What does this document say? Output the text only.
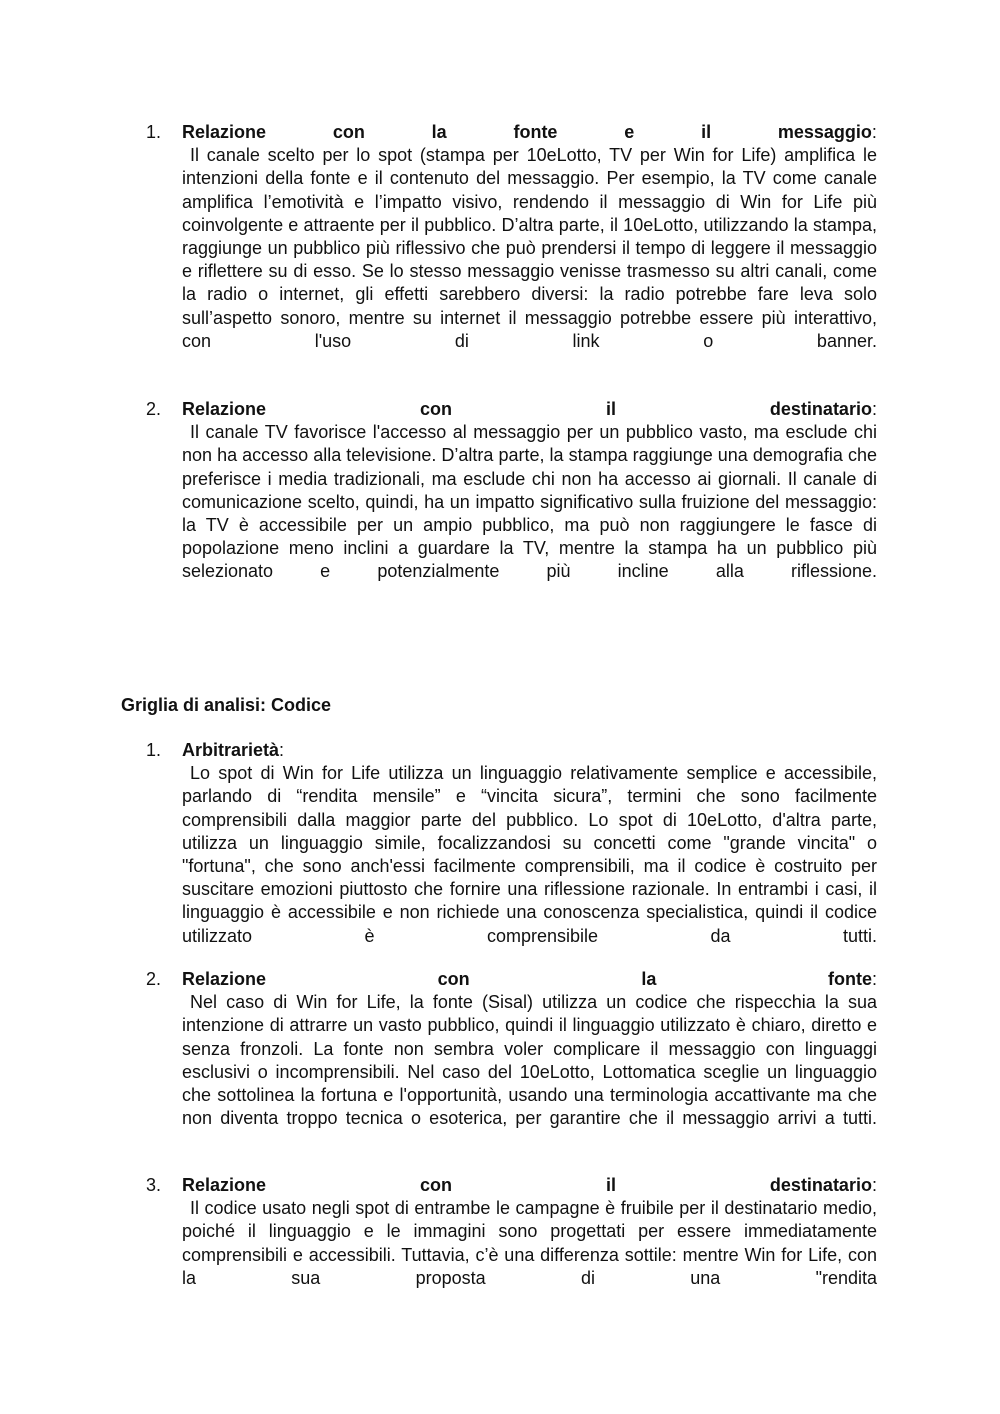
1.	Relazione	con	la	fonte	e	il	messaggio:
Il canale scelto per lo spot (stampa per 10eLotto, TV per Win for Life) amplifica le intenzioni della fonte e il contenuto del messaggio. Per esempio, la TV come canale amplifica l’emotività e l’impatto visivo, rendendo il messaggio di Win for Life più coinvolgente e attraente per il pubblico. D’altra parte, il 10eLotto, utilizzando la stampa, raggiunge un pubblico più riflessivo che può prendersi il tempo di leggere il messaggio e riflettere su di esso. Se lo stesso messaggio venisse trasmesso su altri canali, come la radio o internet, gli effetti sarebbero diversi: la radio potrebbe fare leva solo sull’aspetto sonoro, mentre su internet il messaggio potrebbe essere più interattivo, con l'uso di link o banner.

2.	Relazione	con	il	destinatario:
Il canale TV favorisce l'accesso al messaggio per un pubblico vasto, ma esclude chi non ha accesso alla televisione. D’altra parte, la stampa raggiunge una demografia che preferisce i media tradizionali, ma esclude chi non ha accesso ai giornali. Il canale di comunicazione scelto, quindi, ha un impatto significativo sulla fruizione del messaggio: la TV è accessibile per un ampio pubblico, ma può non raggiungere le fasce di popolazione meno inclini a guardare la TV, mentre la stampa ha un pubblico più selezionato e potenzialmente più incline alla riflessione.

Griglia di analisi: Codice
1.	Arbitrarietà:
Lo spot di Win for Life utilizza un linguaggio relativamente semplice e accessibile, parlando di “rendita mensile” e “vincita sicura”, termini che sono facilmente comprensibili dalla maggior parte del pubblico. Lo spot di 10eLotto, d'altra parte, utilizza un linguaggio simile, focalizzandosi su concetti come "grande vincita" o "fortuna", che sono anch'essi facilmente comprensibili, ma il codice è costruito per suscitare emozioni piuttosto che fornire una riflessione razionale. In entrambi i casi, il linguaggio è accessibile e non richiede una conoscenza specialistica, quindi il codice utilizzato è comprensibile da tutti.

2.	Relazione	con	la	fonte:
Nel caso di Win for Life, la fonte (Sisal) utilizza un codice che rispecchia la sua intenzione di attrarre un vasto pubblico, quindi il linguaggio utilizzato è chiaro, diretto e senza fronzoli. La fonte non sembra voler complicare il messaggio con linguaggi esclusivi o incomprensibili. Nel caso del 10eLotto, Lottomatica sceglie un linguaggio che sottolinea la fortuna e l'opportunità, usando una terminologia accattivante ma che non diventa troppo tecnica o esoterica, per garantire che il messaggio arrivi a tutti.

3.	Relazione	con	il	destinatario:
Il codice usato negli spot di entrambe le campagne è fruibile per il destinatario medio, poiché il linguaggio e le immagini sono progettati per essere immediatamente comprensibili e accessibili. Tuttavia, c’è una differenza sottile: mentre Win for Life, con la sua proposta di una "rendita
